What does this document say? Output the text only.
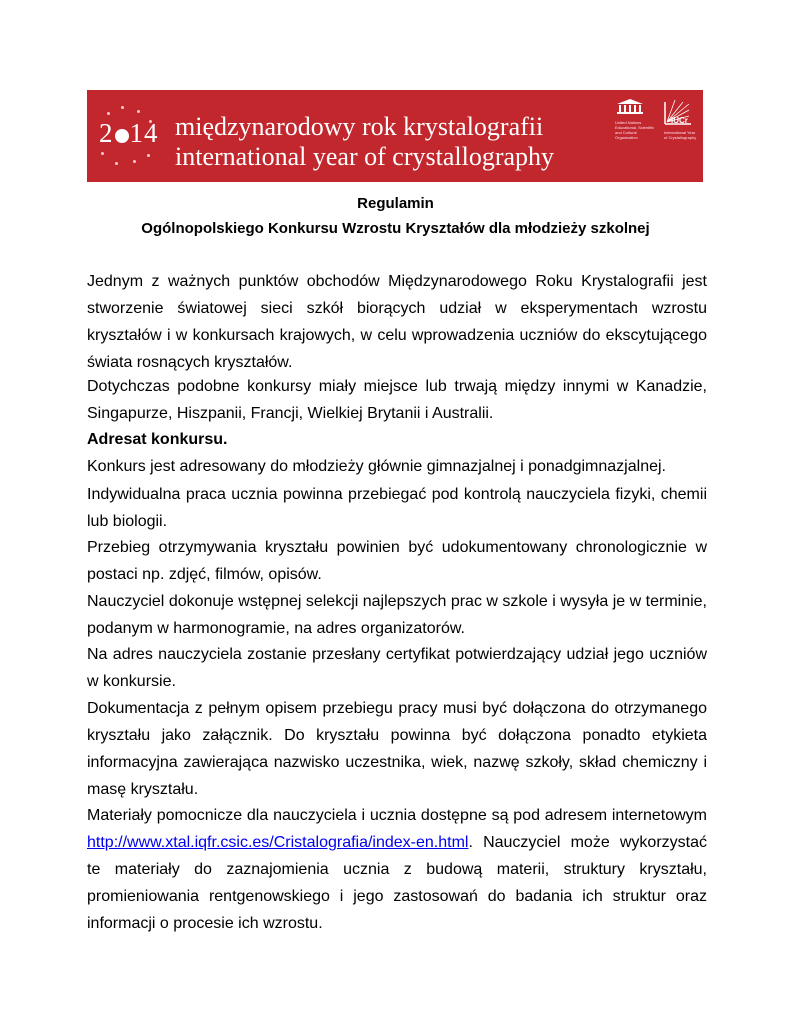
2 14 międzynarodowy rok krystalografii
international year of crystallography
United Nations Educational, Scientific and Cultural Organization
IUCr
International Year of Crystallography
Regulamin
Ogólnopolskiego Konkursu Wzrostu Kryształów dla młodzieży szkolnej

Jednym z ważnych punktów obchodów Międzynarodowego Roku Krystalografii jest stworzenie światowej sieci szkół biorących udział w eksperymentach wzrostu kryształów i w konkursach krajowych, w celu wprowadzenia uczniów do ekscytującego świata rosnących kryształów.

Dotychczas podobne konkursy miały miejsce lub trwają między innymi w Kanadzie, Singapurze, Hiszpanii, Francji, Wielkiej Brytanii i Australii.

Adresat konkursu.

Konkurs jest adresowany do młodzieży głównie gimnazjalnej i ponadgimnazjalnej.

Indywidualna praca ucznia powinna przebiegać pod kontrolą nauczyciela fizyki, chemii lub biologii.

Przebieg otrzymywania kryształu powinien być udokumentowany chronologicznie w postaci np. zdjęć, filmów, opisów.

Nauczyciel dokonuje wstępnej selekcji najlepszych prac w szkole i wysyła je w terminie, podanym w harmonogramie, na adres organizatorów.

Na adres nauczyciela zostanie przesłany certyfikat potwierdzający udział jego uczniów w konkursie.

Dokumentacja z pełnym opisem przebiegu pracy musi być dołączona do otrzymanego kryształu jako załącznik. Do kryształu powinna być dołączona ponadto etykieta informacyjna zawierająca nazwisko uczestnika, wiek, nazwę szkoły, skład chemiczny i masę kryształu.

Materiały pomocnicze dla nauczyciela i ucznia dostępne są pod adresem internetowym http://www.xtal.iqfr.csic.es/Cristalografia/index-en.html. Nauczyciel może wykorzystać te materiały do zaznajomienia ucznia z budową materii, struktury kryształu, promieniowania rentgenowskiego i jego zastosowań do badania ich struktur oraz informacji o procesie ich wzrostu.
